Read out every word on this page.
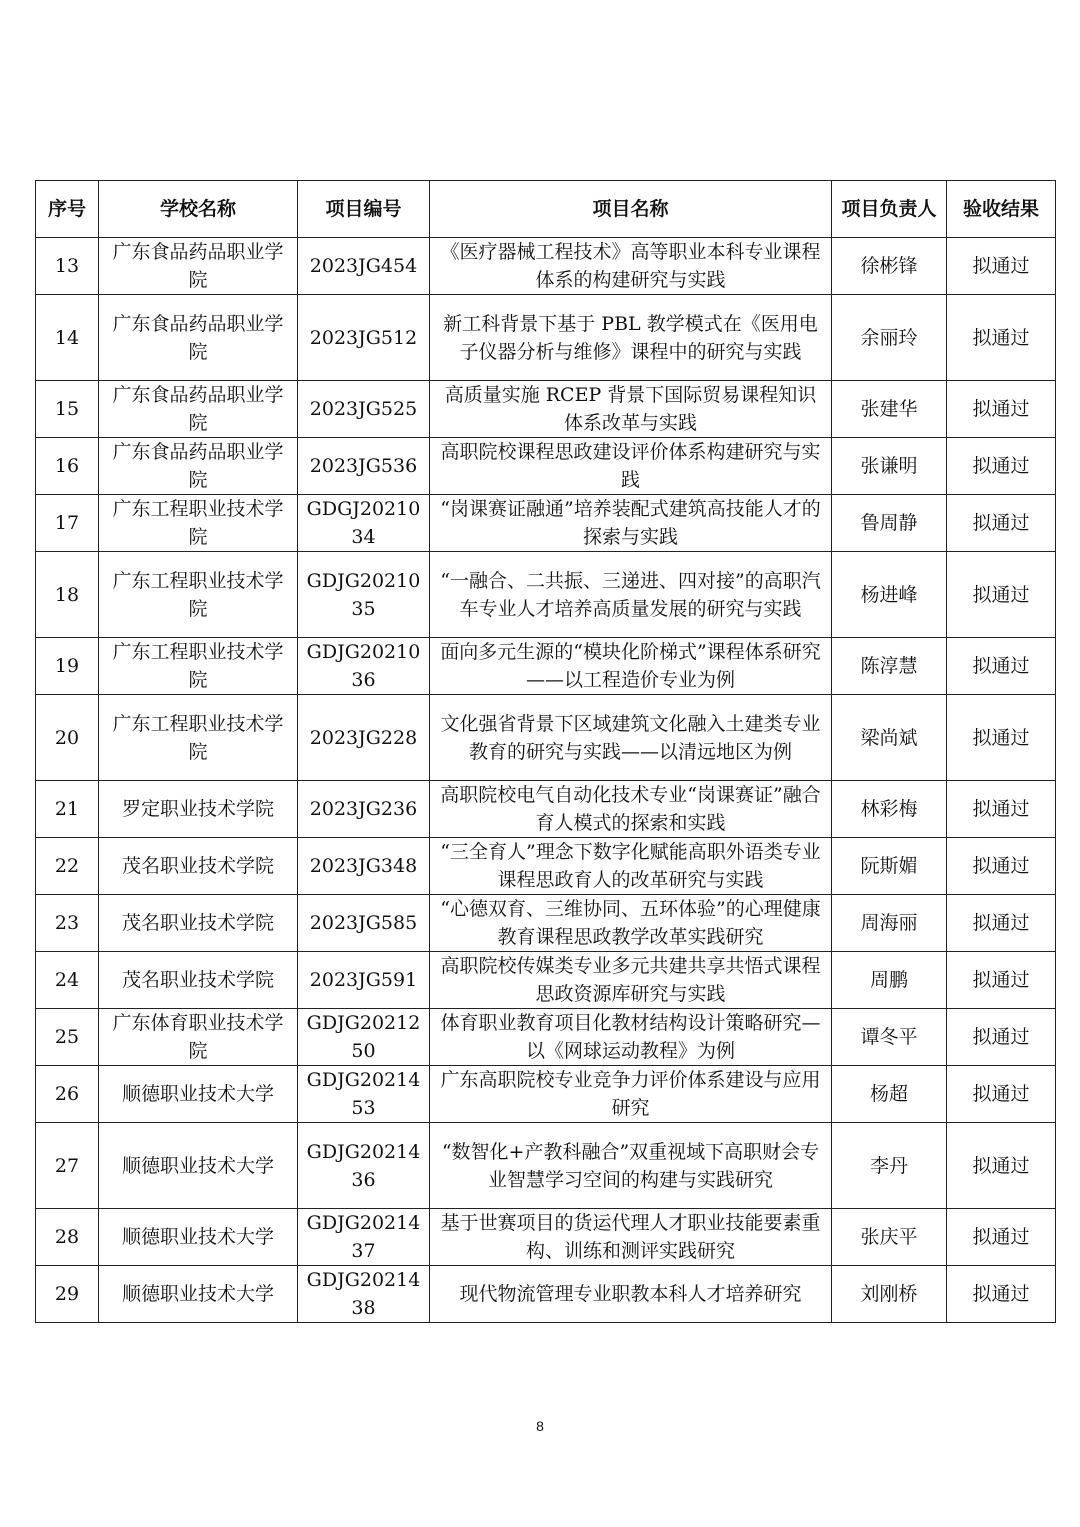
序号	学校名称	项目编号	项目名称	项目负责人	验收结果
13	广东食品药品职业学院	2023JG454	《医疗器械工程技术》高等职业本科专业课程体系的构建研究与实践	徐彬锋	拟通过
14	广东食品药品职业学院	2023JG512	新工科背景下基于 PBL 教学模式在《医用电子仪器分析与维修》课程中的研究与实践	余丽玲	拟通过
15	广东食品药品职业学院	2023JG525	高质量实施 RCEP 背景下国际贸易课程知识体系改革与实践	张建华	拟通过
16	广东食品药品职业学院	2023JG536	高职院校课程思政建设评价体系构建研究与实践	张谦明	拟通过
17	广东工程职业技术学院	GDGJ2021034	“岗课赛证融通”培养装配式建筑高技能人才的探索与实践	鲁周静	拟通过
18	广东工程职业技术学院	GDJG2021035	“一融合、二共振、三递进、四对接”的高职汽车专业人才培养高质量发展的研究与实践	杨进峰	拟通过
19	广东工程职业技术学院	GDJG2021036	面向多元生源的“模块化阶梯式”课程体系研究——以工程造价专业为例	陈淳慧	拟通过
20	广东工程职业技术学院	2023JG228	文化强省背景下区域建筑文化融入土建类专业教育的研究与实践——以清远地区为例	梁尚斌	拟通过
21	罗定职业技术学院	2023JG236	高职院校电气自动化技术专业“岗课赛证”融合育人模式的探索和实践	林彩梅	拟通过
22	茂名职业技术学院	2023JG348	“三全育人”理念下数字化赋能高职外语类专业课程思政育人的改革研究与实践	阮斯媚	拟通过
23	茂名职业技术学院	2023JG585	“心德双育、三维协同、五环体验”的心理健康教育课程思政教学改革实践研究	周海丽	拟通过
24	茂名职业技术学院	2023JG591	高职院校传媒类专业多元共建共享共悟式课程思政资源库研究与实践	周鹏	拟通过
25	广东体育职业技术学院	GDJG2021250	体育职业教育项目化教材结构设计策略研究—以《网球运动教程》为例	谭冬平	拟通过
26	顺德职业技术大学	GDJG2021453	广东高职院校专业竞争力评价体系建设与应用研究	杨超	拟通过
27	顺德职业技术大学	GDJG2021436	“数智化+产教科融合”双重视域下高职财会专业智慧学习空间的构建与实践研究	李丹	拟通过
28	顺德职业技术大学	GDJG2021437	基于世赛项目的货运代理人才职业技能要素重构、训练和测评实践研究	张庆平	拟通过
29	顺德职业技术大学	GDJG2021438	现代物流管理专业职教本科人才培养研究	刘刚桥	拟通过
8
